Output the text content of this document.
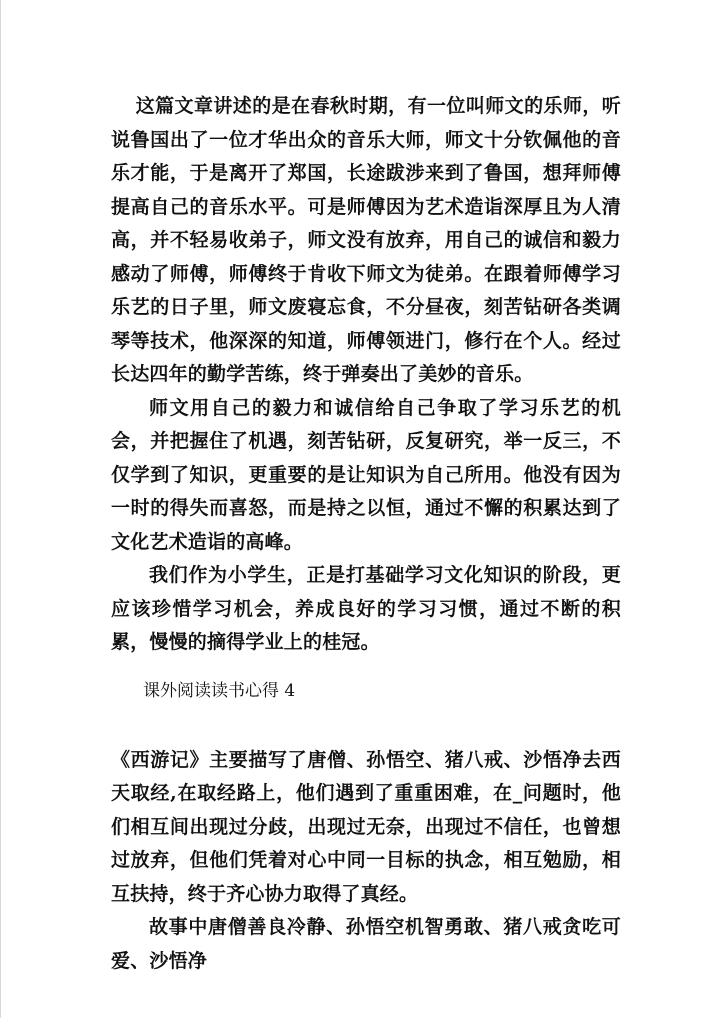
这篇文章讲述的是在春秋时期，有一位叫师文的乐师，听说鲁国出了一位才华出众的音乐大师，师文十分钦佩他的音乐才能，于是离开了郑国，长途跋涉来到了鲁国，想拜师傅提高自己的音乐水平。可是师傅因为艺术造诣深厚且为人清高，并不轻易收弟子，师文没有放弃，用自己的诚信和毅力感动了师傅，师傅终于肯收下师文为徒弟。在跟着师傅学习乐艺的日子里，师文废寝忘食，不分昼夜，刻苦钻研各类调琴等技术，他深深的知道，师傅领进门，修行在个人。经过长达四年的勤学苦练，终于弹奏出了美妙的音乐。

师文用自己的毅力和诚信给自己争取了学习乐艺的机会，并把握住了机遇，刻苦钻研，反复研究，举一反三，不仅学到了知识，更重要的是让知识为自己所用。他没有因为一时的得失而喜怒，而是持之以恒，通过不懈的积累达到了文化艺术造诣的高峰。

我们作为小学生，正是打基础学习文化知识的阶段，更应该珍惜学习机会，养成良好的学习习惯，通过不断的积累，慢慢的摘得学业上的桂冠。

课外阅读读书心得 4

《西游记》主要描写了唐僧、孙悟空、猪八戒、沙悟净去西天取经,在取经路上，他们遇到了重重困难，在_问题时，他们相互间出现过分歧，出现过无奈，出现过不信任，也曾想过放弃，但他们凭着对心中同一目标的执念，相互勉励，相互扶持，终于齐心协力取得了真经。

故事中唐僧善良冷静、孙悟空机智勇敢、猪八戒贪吃可爱、沙悟净
